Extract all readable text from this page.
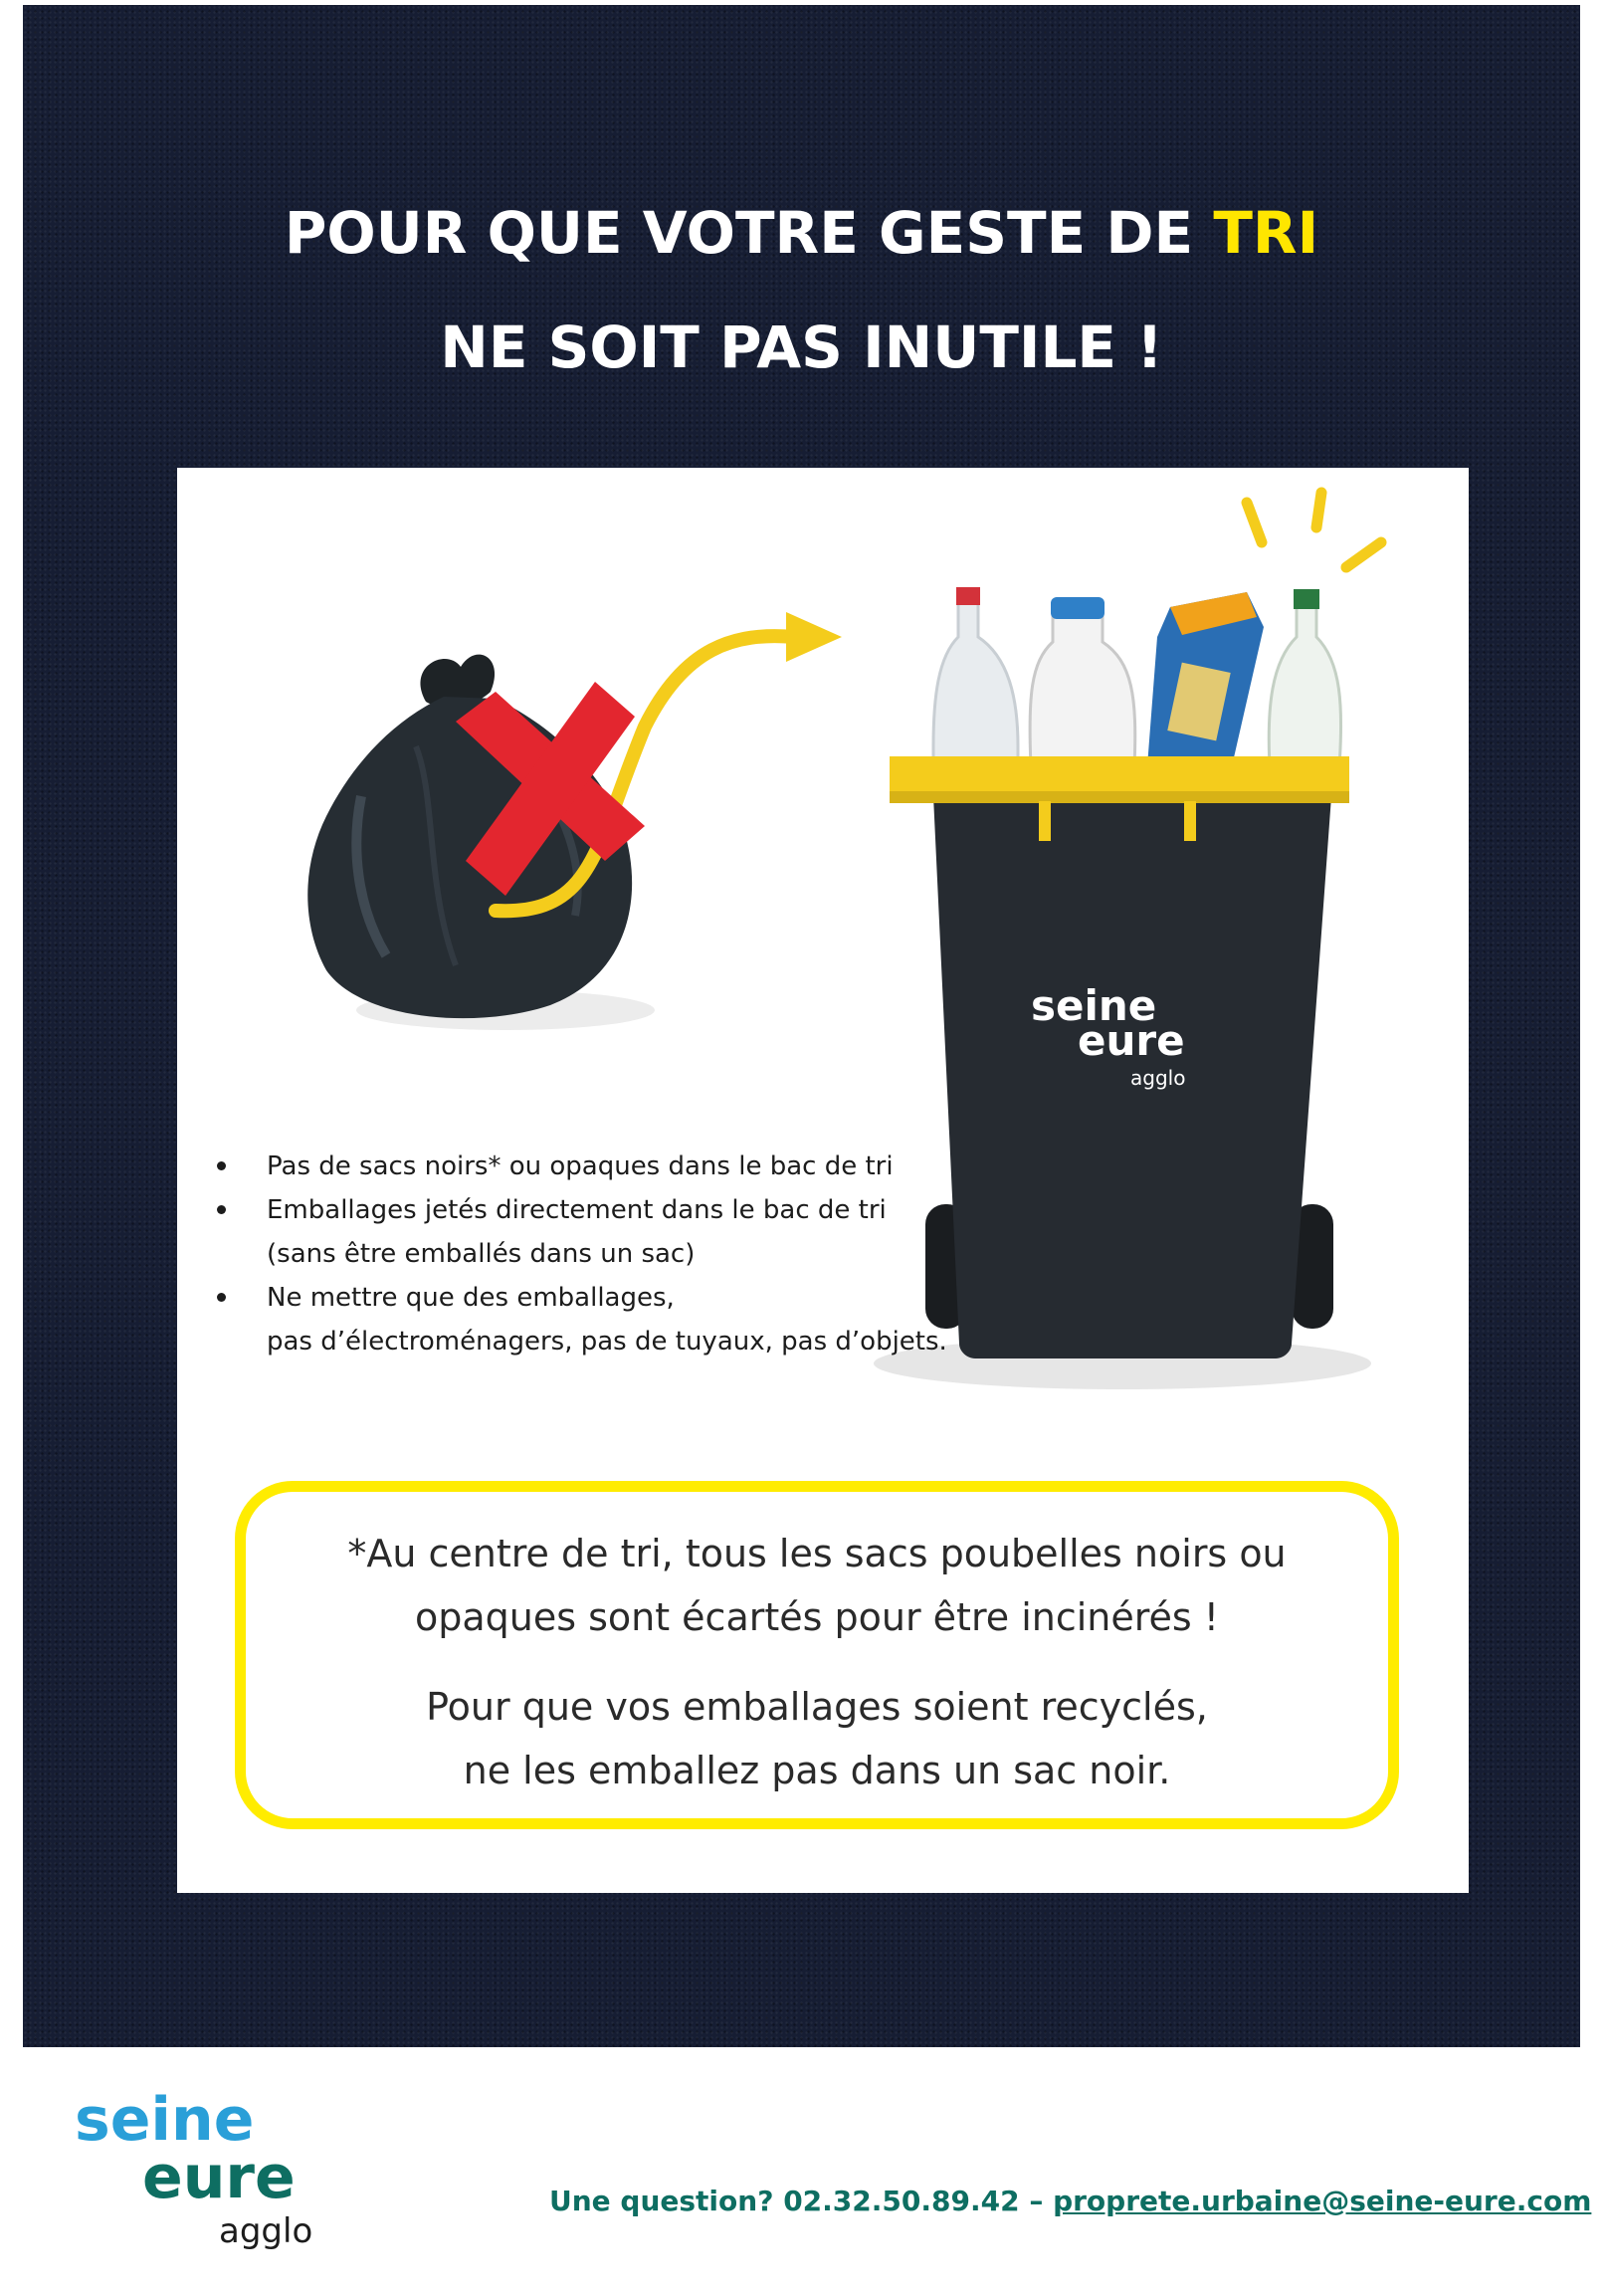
POUR QUE VOTRE GESTE DE TRI
NE SOIT PAS INUTILE !
seine
eure
agglo
Pas de sacs noirs* ou opaques dans le bac de tri
Emballages jetés directement dans le bac de tri
(sans être emballés dans un sac)
Ne mettre que des emballages,
pas d’électroménagers, pas de tuyaux, pas d’objets.

*Au centre de tri, tous les sacs poubelles noirs ou

opaques sont écartés pour être incinérés !

Pour que vos emballages soient recyclés,

ne les emballez pas dans un sac noir.

seine
eure
agglo
Une question? 02.32.50.89.42 – proprete.urbaine@seine-eure.com
